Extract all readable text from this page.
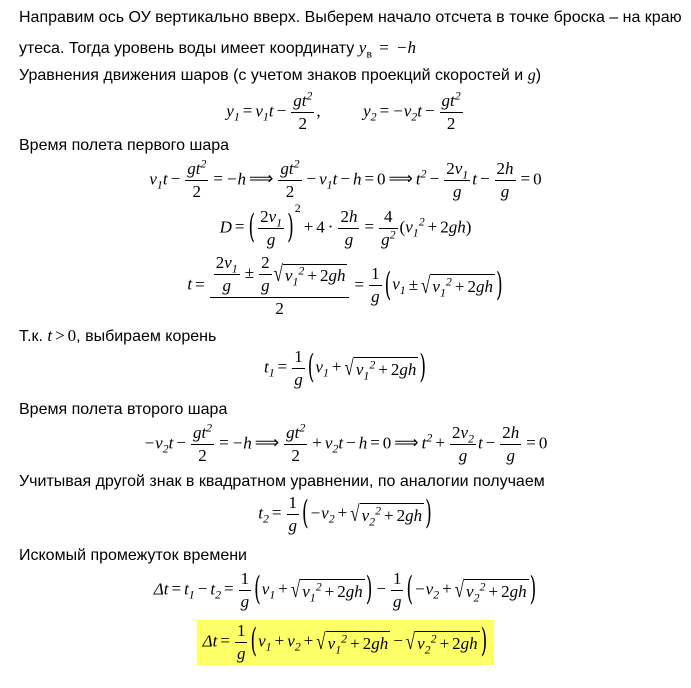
Направим ось ОУ вертикально вверх. Выберем начало отсчета в точке броска – на краю
утеса. Тогда уровень воды имеет координату $y_в = -h$
Уравнения движения шаров (с учетом знаков проекций скоростей и g)
$y_1 = v_1t - \frac{gt^2}{2}$ ,  $y_2 = -v_2t - \frac{gt^2}{2}$
Время полета первого шара
$v_1t - \frac{gt^2}{2} = -h$ ⟹ $\frac{gt^2}{2} - v_1t - h = 0$ ⟹ $t^2 - \frac{2v_1}{g}$ $t - \frac{2h}{g} = 0$
D = ( $\frac{2v_1}{g} )^2+ 4 \cdot \frac{2h}{g} = \frac{4}{g^2} (v_1^2 + 2gh)$
$t = \frac{\frac{2v_1}{g} \pm \frac{2}{g} √ v_1^2 + 2gh}{2} = \frac{1}{g} (v_1$ ± √ $v_1^2 + 2gh$ )
Т.к. t > 0, выбираем корень
$t_1 = \frac{1}{g} (v_1$ + √ $v_1^2 + 2gh$ )
Время полета второго шара
$-v_2t - \frac{gt^2}{2} = -h$ ⟹ $\frac{gt^2}{2} + v_2t - h = 0$ ⟹ $t^2 + \frac{2v_2}{g}$ $t - \frac{2h}{g} = 0$
Учитывая другой знак в квадратном уравнении, по аналогии получаем
$t_2 = \frac{1}{g} (-v_2$ + √ $v_2^2 + 2gh$ )
Искомый промежуток времени
$\Delta t = t_1 - t_2 = \frac{1}{g} (v_1$ + √ $v_1^2 + 2gh$ ) − $\frac{1}{g} (-v_2$ + √ $v_2^2 + 2gh$ )
$\Delta t = \frac{1}{g} (v_1 + v_2$ + √ $v_1^2 + 2gh$ − √ $v_2^2 + 2gh$ )
